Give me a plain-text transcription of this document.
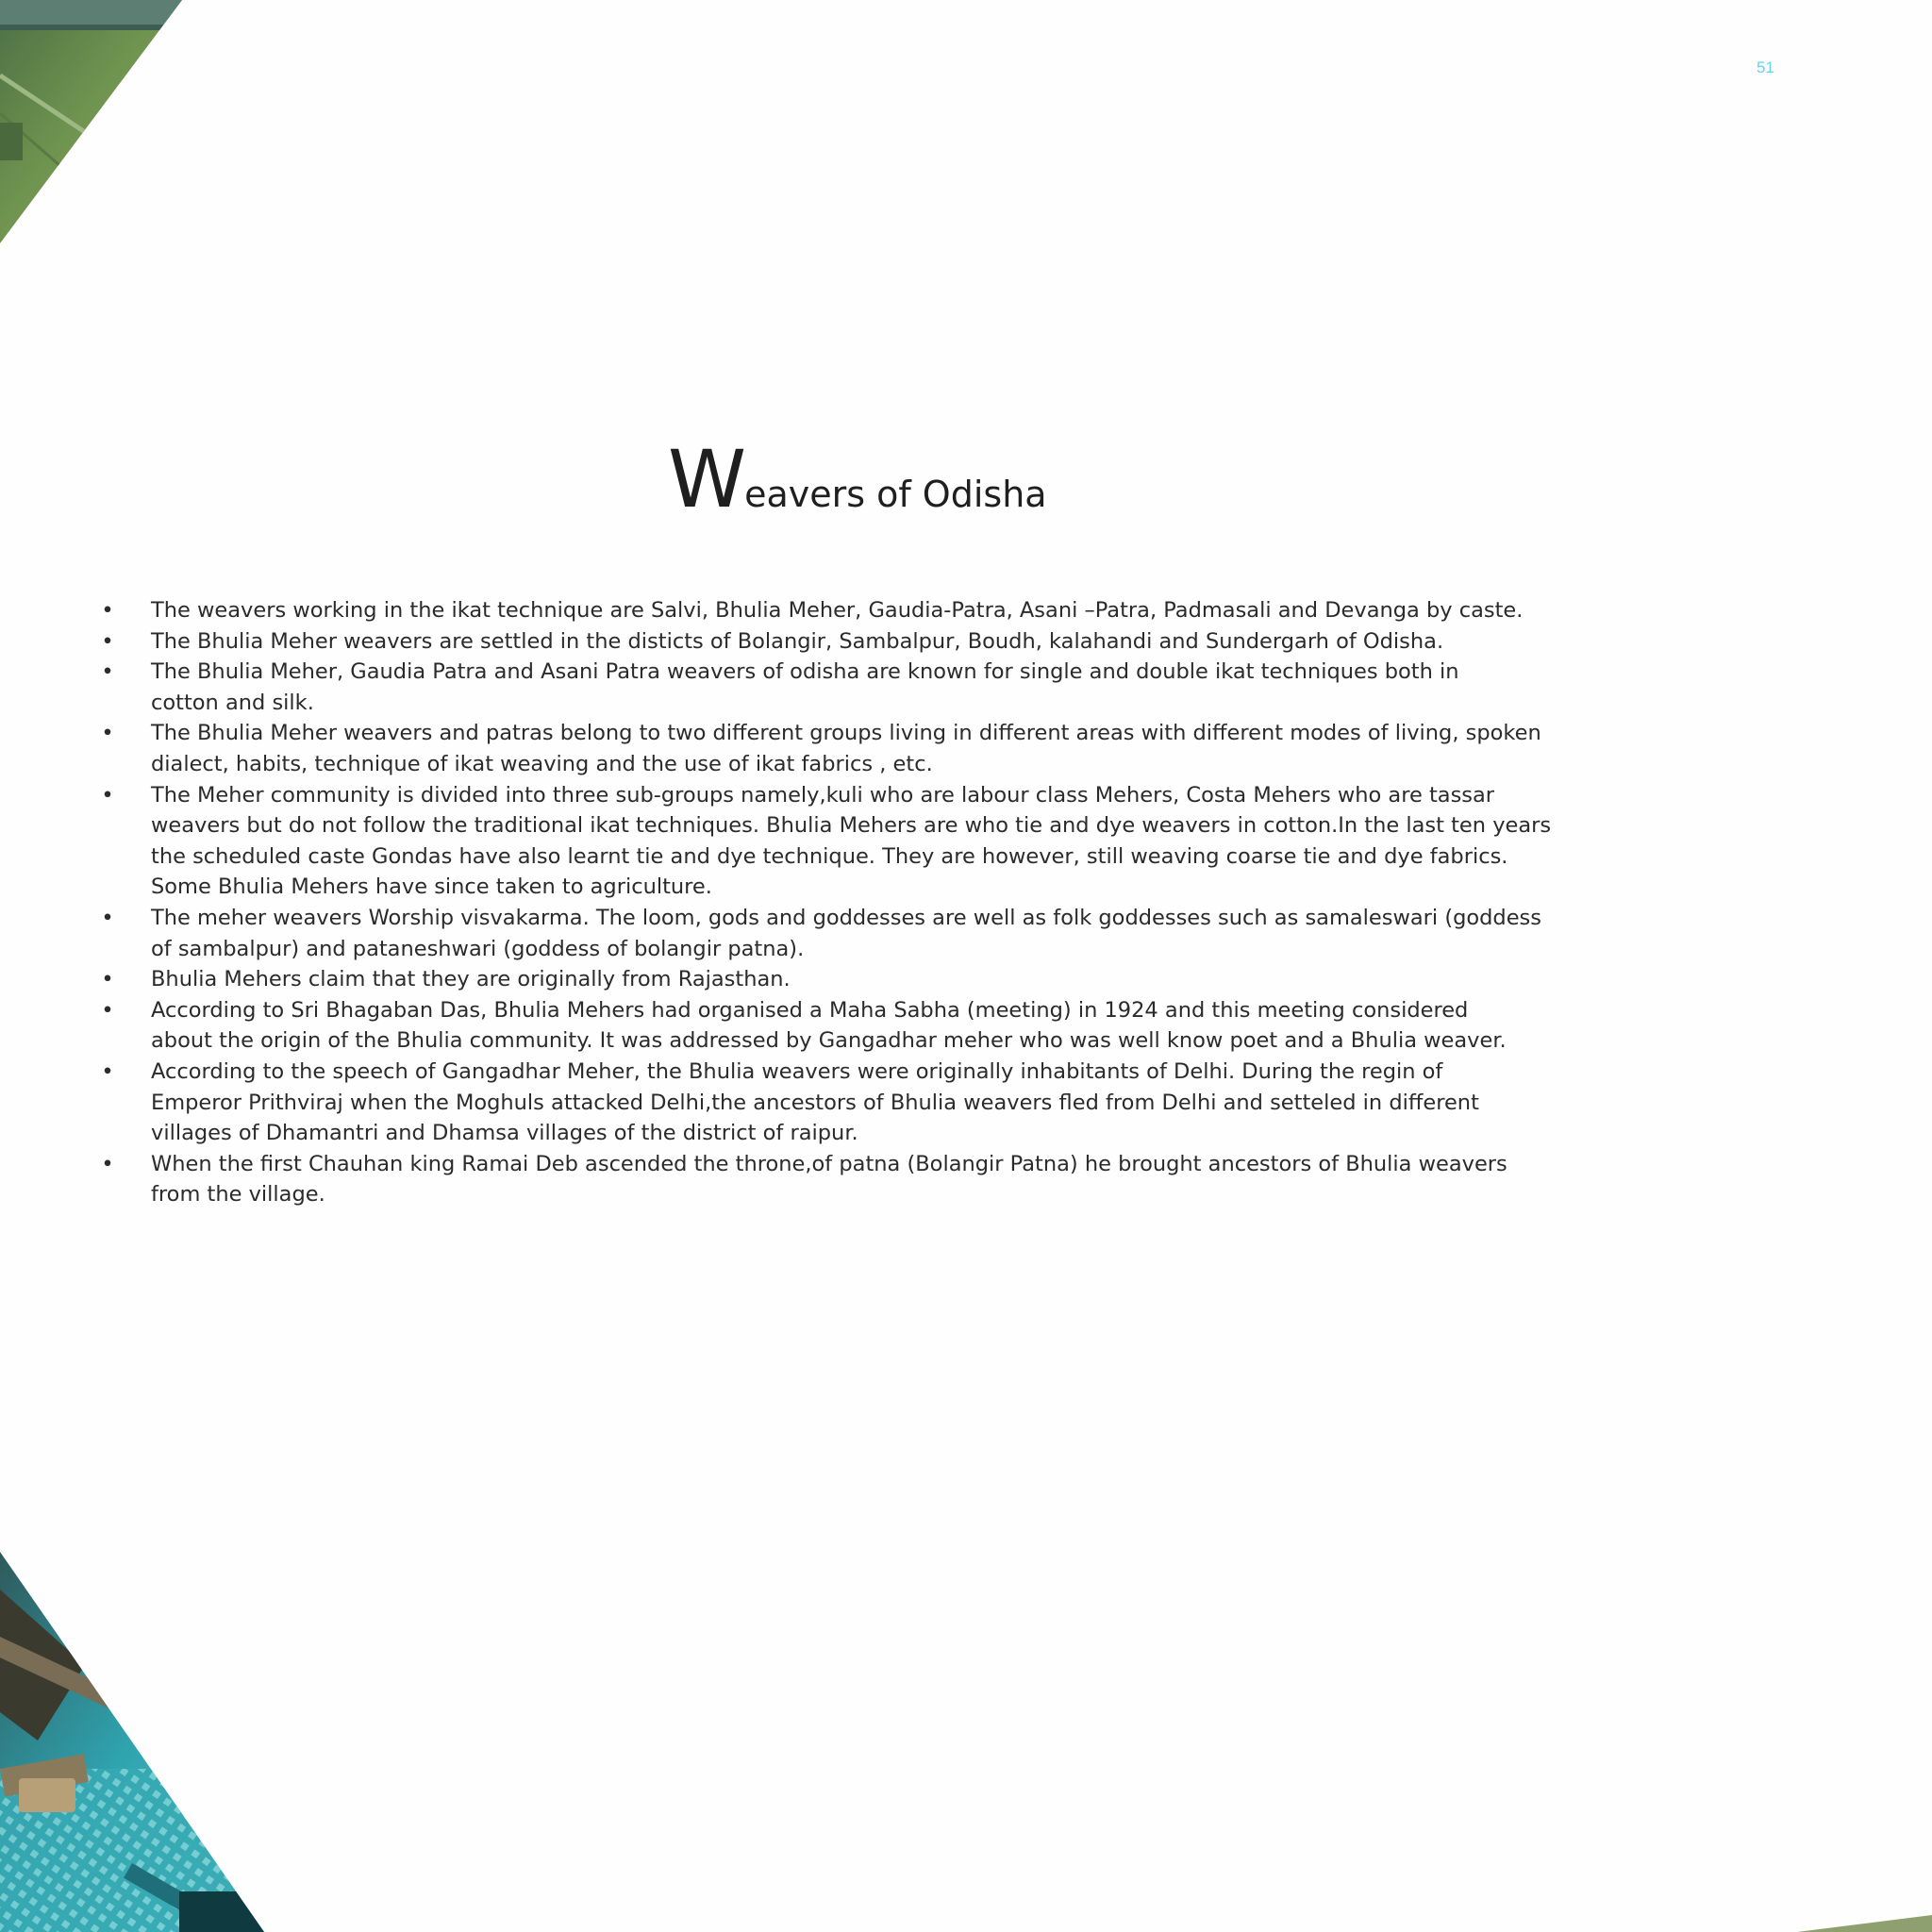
51

Weavers of Odisha
• The weavers working in the ikat technique are Salvi, Bhulia Meher, Gaudia-Patra, Asani –Patra, Padmasali and Devanga by caste.
• The Bhulia Meher weavers are settled in the disticts of Bolangir, Sambalpur, Boudh, kalahandi and Sundergarh of Odisha.
• The Bhulia Meher, Gaudia Patra and Asani Patra weavers of odisha are known for single and double ikat techniques both in
cotton and silk.
• The Bhulia Meher weavers and patras belong to two different groups living in different areas with different modes of living, spoken
dialect, habits, technique of ikat weaving and the use of ikat fabrics , etc.
• The Meher community is divided into three sub-groups namely,kuli who are labour class Mehers, Costa Mehers who are tassar
weavers but do not follow the traditional ikat techniques. Bhulia Mehers are who tie and dye weavers in cotton.In the last ten years
the scheduled caste Gondas have also learnt tie and dye technique. They are however, still weaving coarse tie and dye fabrics.
Some Bhulia Mehers have since taken to agriculture.
• The meher weavers Worship visvakarma. The loom, gods and goddesses are well as folk goddesses such as samaleswari (goddess
of sambalpur) and pataneshwari (goddess of bolangir patna).
• Bhulia Mehers claim that they are originally from Rajasthan.
• According to Sri Bhagaban Das, Bhulia Mehers had organised a Maha Sabha (meeting) in 1924 and this meeting considered
about the origin of the Bhulia community. It was addressed by Gangadhar meher who was well know poet and a Bhulia weaver.
• According to the speech of Gangadhar Meher, the Bhulia weavers were originally inhabitants of Delhi. During the regin of
Emperor Prithviraj when the Moghuls attacked Delhi,the ancestors of Bhulia weavers fled from Delhi and setteled in different
villages of Dhamantri and Dhamsa villages of the district of raipur.
• When the first Chauhan king Ramai Deb ascended the throne,of patna (Bolangir Patna) he brought ancestors of Bhulia weavers
from the village.
